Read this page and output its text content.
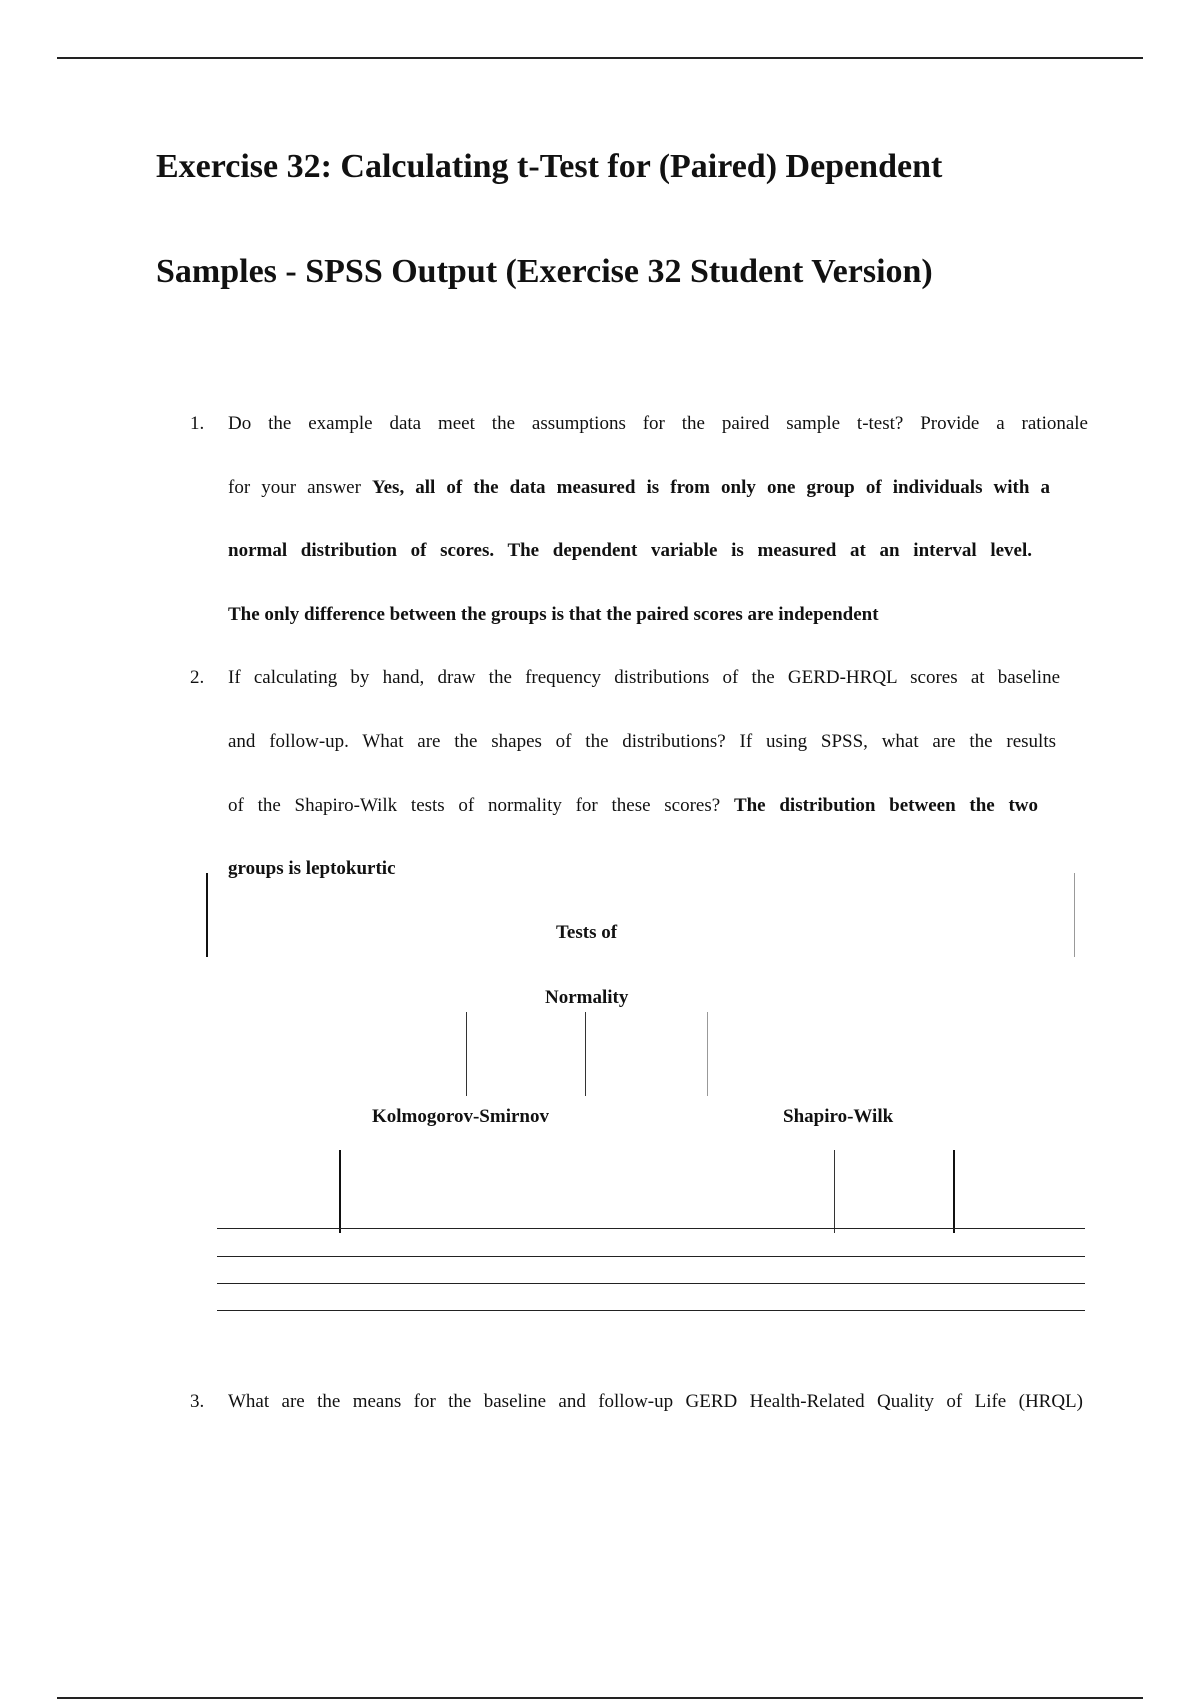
Exercise 32: Calculating t-Test for (Paired) Dependent
Samples - SPSS Output (Exercise 32 Student Version)
1. Do the example data meet the assumptions for the paired sample t-test? Provide a rationale
for your answer Yes, all of the data measured is from only one group of individuals with a
normal distribution of scores. The dependent variable is measured at an interval level.
The only difference between the groups is that the paired scores are independent
2. If calculating by hand, draw the frequency distributions of the GERD-HRQL scores at baseline
and follow-up. What are the shapes of the distributions? If using SPSS, what are the results
of the Shapiro-Wilk tests of normality for these scores? The distribution between the two
groups is leptokurtic
Tests of
Normality
Kolmogorov-Smirnov	Shapiro-Wilk
3. What are the means for the baseline and follow-up GERD Health-Related Quality of Life (HRQL)
